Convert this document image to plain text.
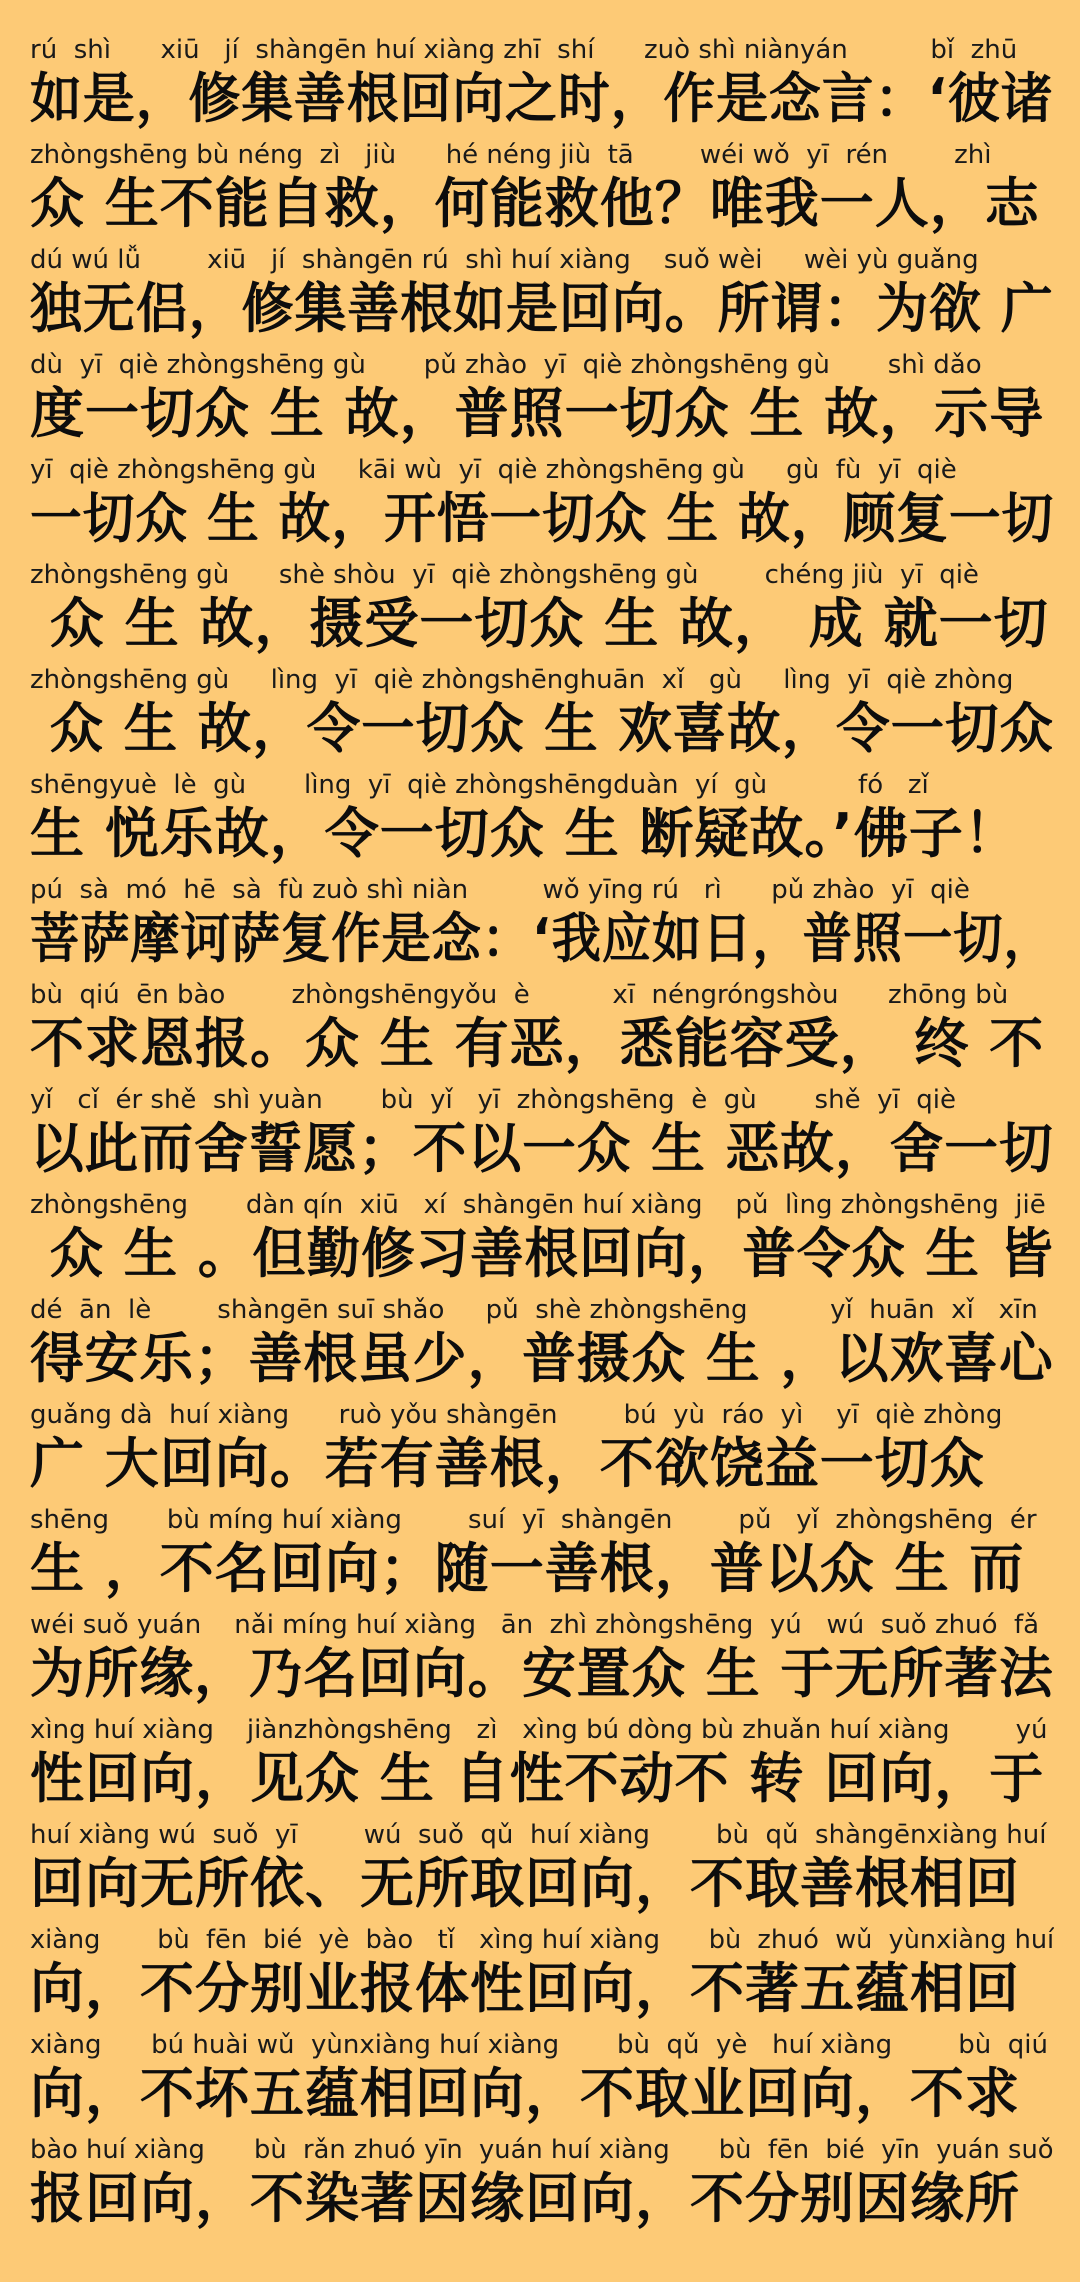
rú  shì      xiū   jí  shàngēn huí xiàng zhī  shí      zuò shì niànyán          bǐ  zhū
如是，修集善根回向之时，作是念言：‘彼诸
zhòngshēng bù néng  zì   jiù      hé néng jiù  tā        wéi wǒ  yī  rén        zhì
众 生不能自救，何能救他？唯我一人，志
dú wú lǚ        xiū   jí  shàngēn rú  shì huí xiàng    suǒ wèi     wèi yù guǎng
独无侣，修集善根如是回向。所谓：为欲 广
dù  yī  qiè zhòngshēng gù       pǔ zhào  yī  qiè zhòngshēng gù       shì dǎo
度一切众 生 故，普照一切众 生 故，示导
yī  qiè zhòngshēng gù     kāi wù  yī  qiè zhòngshēng gù     gù  fù  yī  qiè
一切众 生 故，开悟一切众 生 故，顾复一切
zhòngshēng gù      shè shòu  yī  qiè zhòngshēng gù        chéng jiù  yī  qiè
众 生 故，摄受一切众 生 故， 成 就一切
zhòngshēng gù     lìng  yī  qiè zhòngshēnghuān  xǐ   gù     lìng  yī  qiè zhòng
众 生 故，令一切众 生 欢喜故，令一切众
shēngyuè  lè  gù       lìng  yī  qiè zhòngshēngduàn  yí  gù           fó   zǐ
生 悦乐故，令一切众 生 断疑故。’佛子！
pú  sà  mó  hē  sà  fù zuò shì niàn         wǒ yīng rú   rì      pǔ zhào  yī  qiè
菩萨摩诃萨复作是念：‘我应如日，普照一切，
bù  qiú  ēn bào        zhòngshēngyǒu  è          xī  néngróngshòu      zhōng bù
不求恩报。众 生 有恶，悉能容受， 终 不
yǐ   cǐ  ér shě  shì yuàn       bù  yǐ   yī  zhòngshēng  è  gù       shě  yī  qiè
以此而舍誓愿；不以一众 生 恶故，舍一切
zhòngshēng       dàn qín  xiū   xí  shàngēn huí xiàng    pǔ  lìng zhòngshēng  jiē
众 生 。但勤修习善根回向，普令众 生 皆
dé  ān  lè        shàngēn suī shǎo     pǔ  shè zhòngshēng          yǐ  huān  xǐ   xīn
得安乐；善根虽少，普摄众 生 ，以欢喜心
guǎng dà  huí xiàng      ruò yǒu shàngēn        bú  yù  ráo  yì    yī  qiè zhòng
广 大回向。若有善根，不欲饶益一切众
shēng       bù míng huí xiàng        suí  yī  shàngēn        pǔ   yǐ  zhòngshēng  ér
生 ，不名回向；随一善根，普以众 生 而
wéi suǒ yuán    nǎi míng huí xiàng   ān  zhì zhòngshēng  yú   wú  suǒ zhuó  fǎ
为所缘，乃名回向。安置众 生 于无所著法
xìng huí xiàng    jiànzhòngshēng   zì   xìng bú dòng bù zhuǎn huí xiàng        yú
性回向，见众 生 自性不动不 转 回向，于
huí xiàng wú  suǒ  yī        wú  suǒ  qǔ  huí xiàng        bù  qǔ  shàngēnxiàng huí
回向无所依、无所取回向，不取善根相回
xiàng       bù  fēn  bié  yè  bào   tǐ   xìng huí xiàng      bù  zhuó  wǔ  yùnxiàng huí
向，不分别业报体性回向，不著五蕴相回
xiàng      bú huài wǔ  yùnxiàng huí xiàng       bù  qǔ  yè   huí xiàng        bù  qiú
向，不坏五蕴相回向，不取业回向，不求
bào huí xiàng      bù  rǎn zhuó yīn  yuán huí xiàng      bù  fēn  bié  yīn  yuán suǒ
报回向，不染著因缘回向，不分别因缘所
